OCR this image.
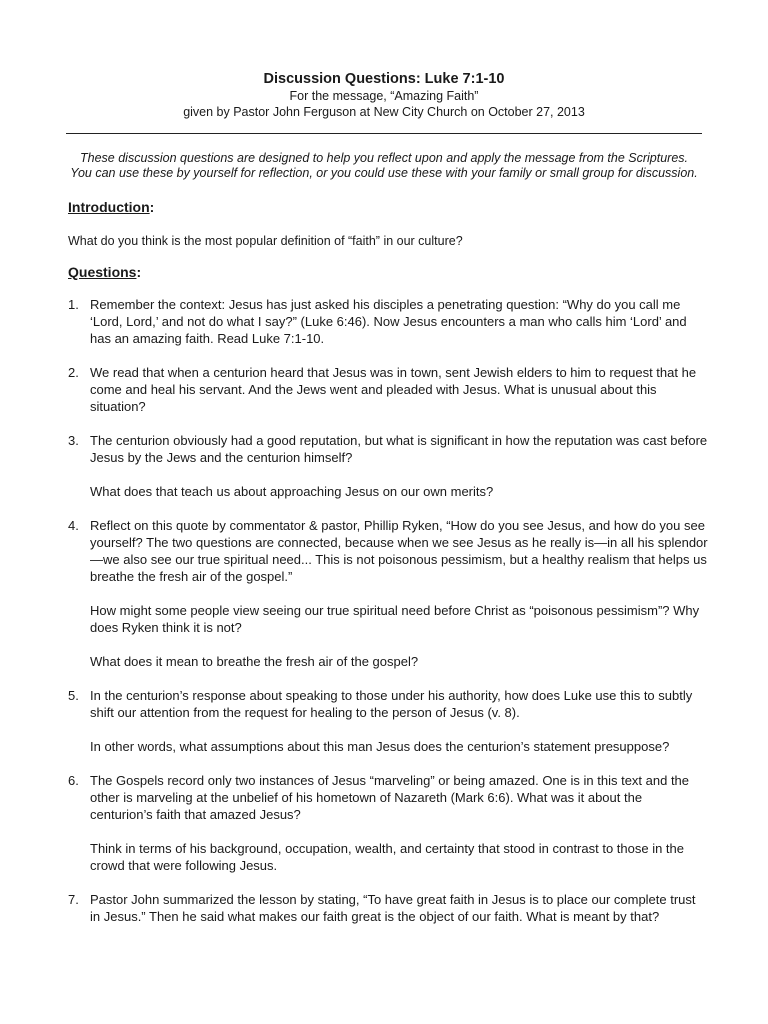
Discussion Questions: Luke 7:1-10
For the message, “Amazing Faith”
given by Pastor John Ferguson at New City Church on October 27, 2013
These discussion questions are designed to help you reflect upon and apply the message from the Scriptures.
You can use these by yourself for reflection, or you could use these with your family or small group for discussion.
Introduction:
What do you think is the most popular definition of “faith” in our culture?
Questions:
1. Remember the context: Jesus has just asked his disciples a penetrating question: “Why do you call me ‘Lord, Lord,’ and not do what I say?” (Luke 6:46). Now Jesus encounters a man who calls him ‘Lord’ and has an amazing faith. Read Luke 7:1-10.

2. We read that when a centurion heard that Jesus was in town, sent Jewish elders to him to request that he come and heal his servant. And the Jews went and pleaded with Jesus. What is unusual about this situation?

3. The centurion obviously had a good reputation, but what is significant in how the reputation was cast before Jesus by the Jews and the centurion himself?

What does that teach us about approaching Jesus on our own merits?

4. Reflect on this quote by commentator & pastor, Phillip Ryken, “How do you see Jesus, and how do you see yourself? The two questions are connected, because when we see Jesus as he really is—in all his splendor—we also see our true spiritual need... This is not poisonous pessimism, but a healthy realism that helps us breathe the fresh air of the gospel.”

How might some people view seeing our true spiritual need before Christ as “poisonous pessimism”? Why does Ryken think it is not?

What does it mean to breathe the fresh air of the gospel?

5. In the centurion’s response about speaking to those under his authority, how does Luke use this to subtly shift our attention from the request for healing to the person of Jesus (v. 8).

In other words, what assumptions about this man Jesus does the centurion’s statement presuppose?

6. The Gospels record only two instances of Jesus “marveling” or being amazed. One is in this text and the other is marveling at the unbelief of his hometown of Nazareth (Mark 6:6). What was it about the centurion’s faith that amazed Jesus?

Think in terms of his background, occupation, wealth, and certainty that stood in contrast to those in the crowd that were following Jesus.

7. Pastor John summarized the lesson by stating, “To have great faith in Jesus is to place our complete trust in Jesus.” Then he said what makes our faith great is the object of our faith. What is meant by that?
